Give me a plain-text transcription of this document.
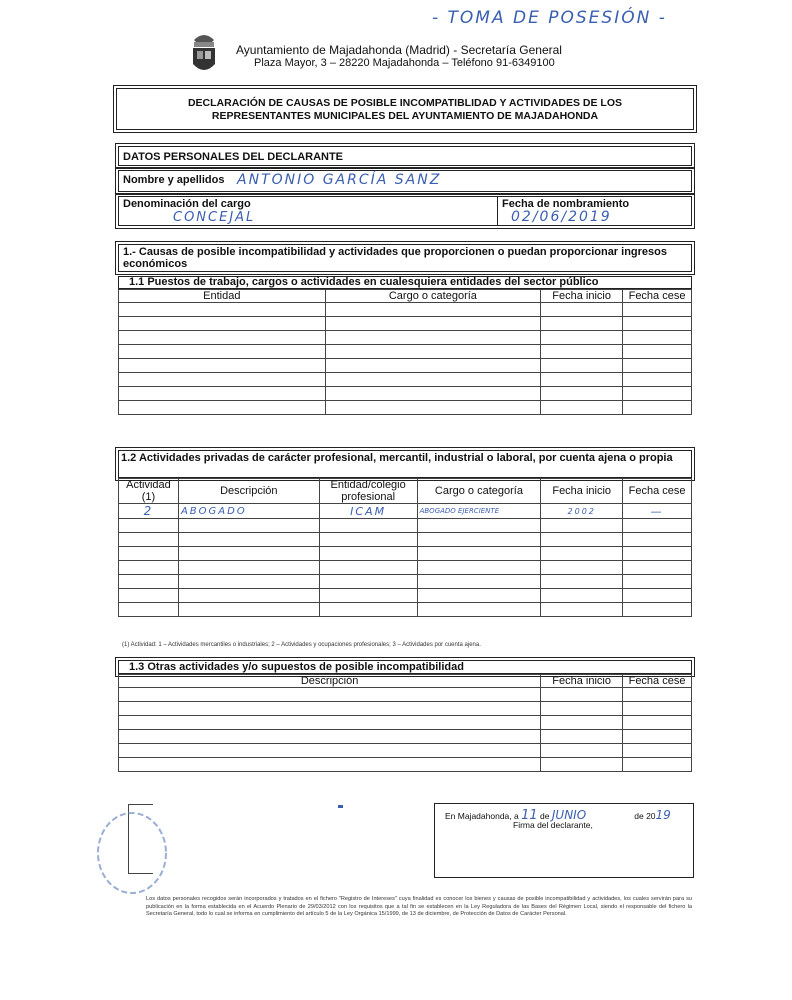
- TOMA DE POSESIÓN -
Ayuntamiento de Majadahonda (Madrid) - Secretaría General
Plaza Mayor, 3 – 28220 Majadahonda – Teléfono 91-6349100
DECLARACIÓN DE CAUSAS DE POSIBLE INCOMPATIBLIDAD Y ACTIVIDADES DE LOS
REPRESENTANTES MUNICIPALES DEL AYUNTAMIENTO DE MAJADAHONDA
DATOS PERSONALES DEL DECLARANTE
Nombre y apellidos ANTONIO GARCÍA SANZ
Denominación del cargo
CONCEJAL
Fecha de nombramiento
02/06/2019
1.- Causas de posible incompatibilidad y actividades que proporcionen o puedan proporcionar ingresos económicos
1.1 Puestos de trabajo, cargos o actividades en cualesquiera entidades del sector público
Entidad	Cargo o categoría	Fecha inicio	Fecha cese

1.2 Actividades privadas de carácter profesional, mercantil, industrial o laboral, por cuenta ajena o propia
Actividad (1)	Descripción	Entidad/colegio profesional	Cargo o categoría	Fecha inicio	Fecha cese
2	ABOGADO	ICAM	ABOGADO EJERCIENTE	2002	—

(1) Actividad: 1 – Actividades mercantiles o industriales; 2 – Actividades y ocupaciones profesionales; 3 – Actividades por cuenta ajena.
1.3 Otras actividades y/o supuestos de posible incompatibilidad
Descripción	Fecha inicio	Fecha cese

En Majadahonda, a 11 de JUNIO	de 2019
Firma del declarante,
Los datos personales recogidos serán incorporados y tratados en el fichero "Registro de Intereses" cuya finalidad es conocer los bienes y causas de posible incompatibilidad y actividades, los cuales servirán para su publicación en la forma establecida en el Acuerdo Plenario de 29/03/2012 con los requisitos que a tal fin se establecen en la Ley Reguladora de las Bases del Régimen Local, siendo el responsable del fichero la Secretaría General, todo lo cual se informa en cumplimiento del artículo 5 de la Ley Orgánica 15/1999, de 13 de diciembre, de Protección de Datos de Carácter Personal.
